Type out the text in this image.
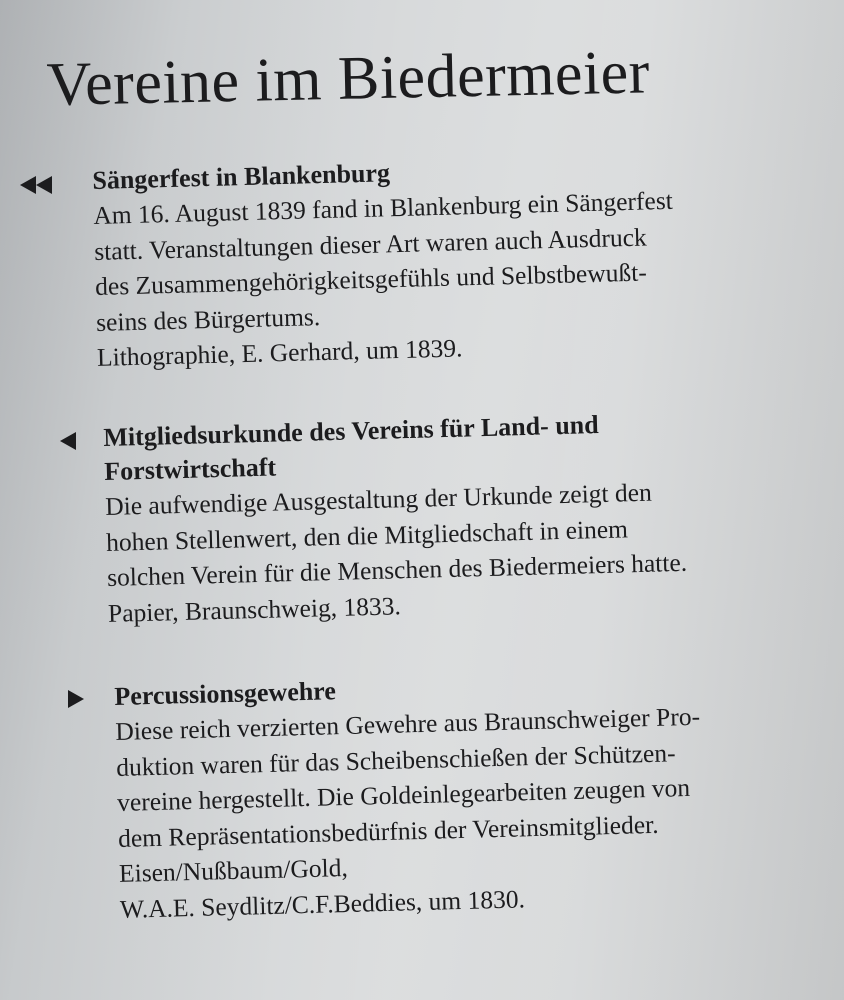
Vereine im Biedermeier
Sängerfest in Blankenburg
Am 16. August 1839 fand in Blankenburg ein Sängerfest
statt. Veranstaltungen dieser Art waren auch Ausdruck
des Zusammengehörigkeitsgefühls und Selbstbewußt-
seins des Bürgertums.
Lithographie, E. Gerhard, um 1839.
Mitgliedsurkunde des Vereins für Land- und
Forstwirtschaft
Die aufwendige Ausgestaltung der Urkunde zeigt den
hohen Stellenwert, den die Mitgliedschaft in einem
solchen Verein für die Menschen des Biedermeiers hatte.
Papier, Braunschweig, 1833.
Percussionsgewehre
Diese reich verzierten Gewehre aus Braunschweiger Pro-
duktion waren für das Scheibenschießen der Schützen-
vereine hergestellt. Die Goldeinlegearbeiten zeugen von
dem Repräsentationsbedürfnis der Vereinsmitglieder.
Eisen/Nußbaum/Gold,
W.A.E. Seydlitz/C.F.Beddies, um 1830.
